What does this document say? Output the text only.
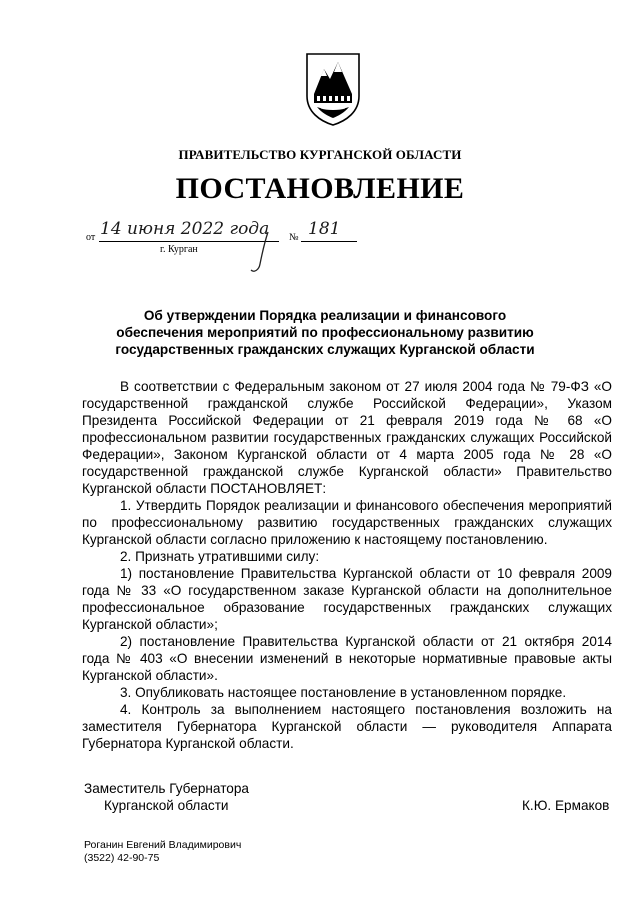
ПРАВИТЕЛЬСТВО КУРГАНСКОЙ ОБЛАСТИ
ПОСТАНОВЛЕНИЕ
от 14 июня 2022 года № 181
г. Курган
Об утверждении Порядка реализации и финансового обеспечения мероприятий по профессиональному развитию государственных гражданских служащих Курганской области

В соответствии с Федеральным законом от 27 июля 2004 года № 79-ФЗ «О государственной гражданской службе Российской Федерации», Указом Президента Российской Федерации от 21 февраля 2019 года № 68 «О профессиональном развитии государственных гражданских служащих Российской Федерации», Законом Курганской области от 4 марта 2005 года № 28 «О государственной гражданской службе Курганской области» Правительство Курганской области ПОСТАНОВЛЯЕТ:

1. Утвердить Порядок реализации и финансового обеспечения мероприятий по профессиональному развитию государственных гражданских служащих Курганской области согласно приложению к настоящему постановлению.

2. Признать утратившими силу:

1) постановление Правительства Курганской области от 10 февраля 2009 года № 33 «О государственном заказе Курганской области на дополнительное профессиональное образование государственных гражданских служащих Курганской области»;

2) постановление Правительства Курганской области от 21 октября 2014 года № 403 «О внесении изменений в некоторые нормативные правовые акты Курганской области».

3. Опубликовать настоящее постановление в установленном порядке.

4. Контроль за выполнением настоящего постановления возложить на заместителя Губернатора Курганской области — руководителя Аппарата Губернатора Курганской области.

Заместитель Губернатора
Курганской области	К.Ю. Ермаков
Роганин Евгений Владимирович
(3522) 42-90-75
